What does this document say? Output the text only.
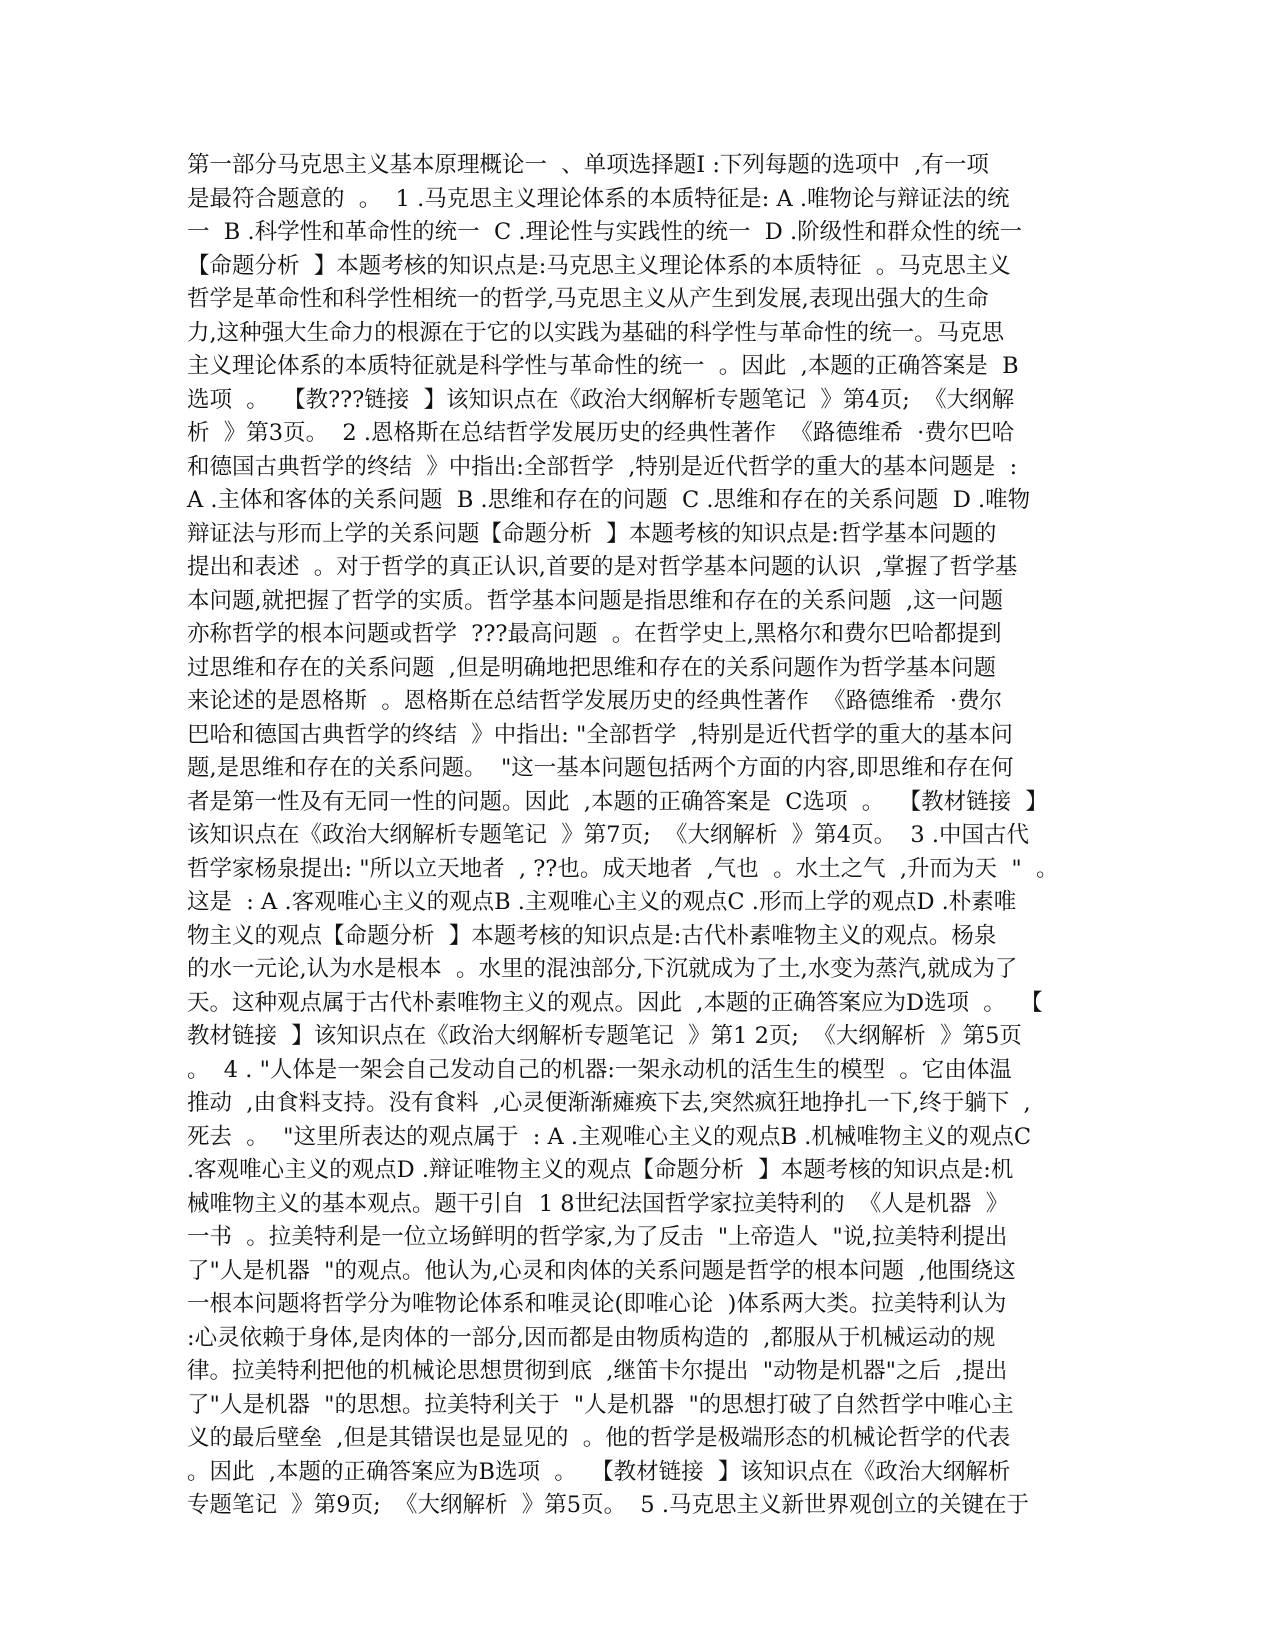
第一部分马克思主义基本原理概论一  、单项选择题Ⅰ :下列每题的选项中  ,有一项
是最符合题意的  。  1 .马克思主义理论体系的本质特征是: A .唯物论与辩证法的统
一  B .科学性和革命性的统一  C .理论性与实践性的统一  D .阶级性和群众性的统一
【命题分析  】本题考核的知识点是:马克思主义理论体系的本质特征  。马克思主义
哲学是革命性和科学性相统一的哲学,马克思主义从产生到发展,表现出强大的生命
力,这种强大生命力的根源在于它的以实践为基础的科学性与革命性的统一。马克思
主义理论体系的本质特征就是科学性与革命性的统一  。因此  ,本题的正确答案是  B
选项  。  【教???链接  】该知识点在《政治大纲解析专题笔记  》第4页;  《大纲解
析  》第3页。  2 .恩格斯在总结哲学发展历史的经典性著作  《路德维希  ·费尔巴哈
和德国古典哲学的终结  》中指出:全部哲学  ,特别是近代哲学的重大的基本问题是  :
A .主体和客体的关系问题  B .思维和存在的问题  C .思维和存在的关系问题  D .唯物
辩证法与形而上学的关系问题【命题分析  】本题考核的知识点是:哲学基本问题的
提出和表述  。对于哲学的真正认识,首要的是对哲学基本问题的认识  ,掌握了哲学基
本问题,就把握了哲学的实质。哲学基本问题是指思维和存在的关系问题  ,这一问题
亦称哲学的根本问题或哲学  ???最高问题  。在哲学史上,黑格尔和费尔巴哈都提到
过思维和存在的关系问题  ,但是明确地把思维和存在的关系问题作为哲学基本问题
来论述的是恩格斯  。恩格斯在总结哲学发展历史的经典性著作  《路德维希  ·费尔
巴哈和德国古典哲学的终结  》中指出: "全部哲学  ,特别是近代哲学的重大的基本问
题,是思维和存在的关系问题。  "这一基本问题包括两个方面的内容,即思维和存在何
者是第一性及有无同一性的问题。因此  ,本题的正确答案是  C选项  。  【教材链接  】
该知识点在《政治大纲解析专题笔记  》第7页;  《大纲解析  》第4页。  3 .中国古代
哲学家杨泉提出: "所以立天地者  , ??也。成天地者  ,气也  。水土之气  ,升而为天  "  。
这是  : A .客观唯心主义的观点B .主观唯心主义的观点C .形而上学的观点D .朴素唯
物主义的观点【命题分析  】本题考核的知识点是:古代朴素唯物主义的观点。杨泉
的水一元论,认为水是根本  。水里的混浊部分,下沉就成为了土,水变为蒸汽,就成为了
天。这种观点属于古代朴素唯物主义的观点。因此  ,本题的正确答案应为D选项  。  【
教材链接  】该知识点在《政治大纲解析专题笔记  》第1 2页;  《大纲解析  》第5页
。  4 . "人体是一架会自己发动自己的机器:一架永动机的活生生的模型  。它由体温
推动  ,由食料支持。没有食料  ,心灵便渐渐瘫痪下去,突然疯狂地挣扎一下,终于躺下  ,
死去  。  "这里所表达的观点属于  : A .主观唯心主义的观点B .机械唯物主义的观点C
.客观唯心主义的观点D .辩证唯物主义的观点【命题分析  】本题考核的知识点是:机
械唯物主义的基本观点。题干引自  1 8世纪法国哲学家拉美特利的  《人是机器  》
一书  。拉美特利是一位立场鲜明的哲学家,为了反击  "上帝造人  "说,拉美特利提出
了"人是机器  "的观点。他认为,心灵和肉体的关系问题是哲学的根本问题  ,他围绕这
一根本问题将哲学分为唯物论体系和唯灵论(即唯心论  )体系两大类。拉美特利认为
:心灵依赖于身体,是肉体的一部分,因而都是由物质构造的  ,都服从于机械运动的规
律。拉美特利把他的机械论思想贯彻到底  ,继笛卡尔提出  "动物是机器"之后  ,提出
了"人是机器  "的思想。拉美特利关于  "人是机器  "的思想打破了自然哲学中唯心主
义的最后壁垒  ,但是其错误也是显见的  。他的哲学是极端形态的机械论哲学的代表
。因此  ,本题的正确答案应为B选项  。  【教材链接  】该知识点在《政治大纲解析
专题笔记  》第9页;  《大纲解析  》第5页。  5 .马克思主义新世界观创立的关键在于
